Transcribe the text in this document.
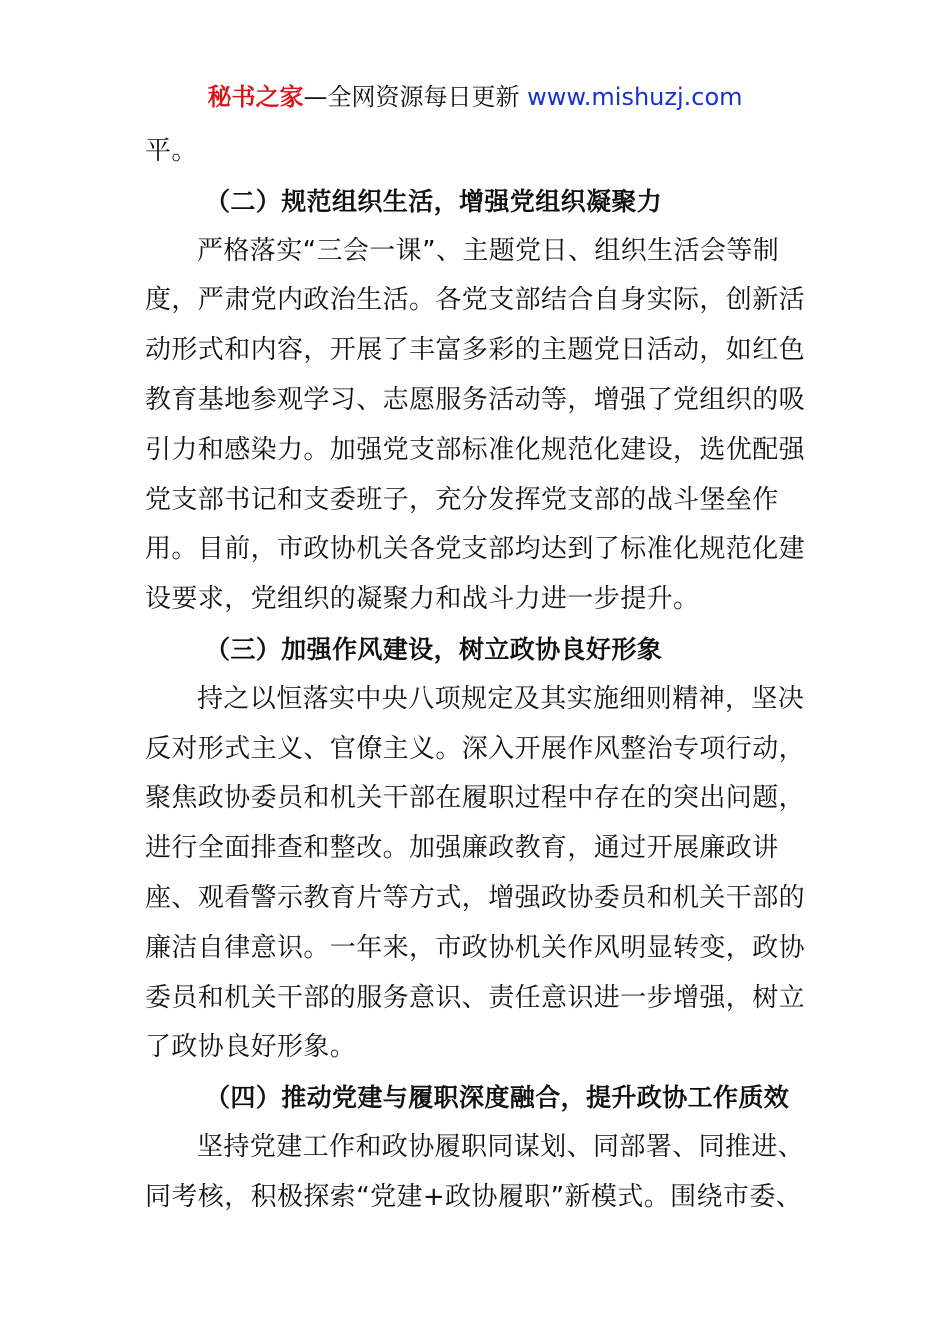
秘书之家—全网资源每日更新 www.mishuzj.com
平。
（二）规范组织生活，增强党组织凝聚力
严格落实“三会一课”、主题党日、组织生活会等制
度，严肃党内政治生活。各党支部结合自身实际，创新活
动形式和内容，开展了丰富多彩的主题党日活动，如红色
教育基地参观学习、志愿服务活动等，增强了党组织的吸
引力和感染力。加强党支部标准化规范化建设，选优配强
党支部书记和支委班子，充分发挥党支部的战斗堡垒作
用。目前，市政协机关各党支部均达到了标准化规范化建
设要求，党组织的凝聚力和战斗力进一步提升。
（三）加强作风建设，树立政协良好形象
持之以恒落实中央八项规定及其实施细则精神，坚决
反对形式主义、官僚主义。深入开展作风整治专项行动，
聚焦政协委员和机关干部在履职过程中存在的突出问题，
进行全面排查和整改。加强廉政教育，通过开展廉政讲
座、观看警示教育片等方式，增强政协委员和机关干部的
廉洁自律意识。一年来，市政协机关作风明显转变，政协
委员和机关干部的服务意识、责任意识进一步增强，树立
了政协良好形象。
（四）推动党建与履职深度融合，提升政协工作质效
坚持党建工作和政协履职同谋划、同部署、同推进、
同考核，积极探索“党建+政协履职”新模式。围绕市委、
